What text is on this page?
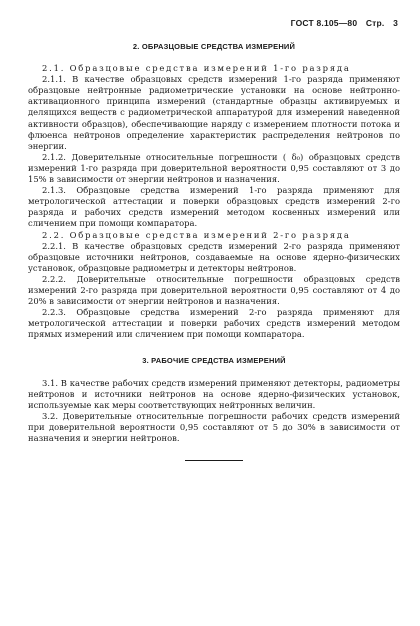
ГОСТ 8.105—80 Стр. 3
2. ОБРАЗЦОВЫЕ СРЕДСТВА ИЗМЕРЕНИЙ

2.1. Образцовые средства измерений 1-го разряда

2.1.1. В качестве образцовых средств измерений 1-го разряда применяют образцовые нейтронные радиометрические установки на основе нейтронно-активационного принципа измерений (стандартные образцы активируемых и делящихся веществ с радиометрической аппаратурой для измерений наведенной активности образцов), обеспечивающие наряду с измерением плотности потока и флюенса нейтронов определение характеристик распределения нейтронов по энергии.

2.1.2. Доверительные относительные погрешности ( δ₀) образцовых средств измерений 1-го разряда при доверительной вероятности 0,95 составляют от 3 до 15% в зависимости от энергии нейтронов и назначения.

2.1.3. Образцовые средства измерений 1-го разряда применяют для метрологической аттестации и поверки образцовых средств измерений 2-го разряда и рабочих средств измерений методом косвенных измерений или сличением при помощи компаратора.

2.2. Образцовые средства измерений 2-го разряда

2.2.1. В качестве образцовых средств измерений 2-го разряда применяют образцовые источники нейтронов, создаваемые на основе ядерно-физических установок, образцовые радиометры и детекторы нейтронов.

2.2.2. Доверительные относительные погрешности образцовых средств измерений 2-го разряда при доверительной вероятности 0,95 составляют от 4 до 20% в зависимости от энергии нейтронов и назначения.

2.2.3. Образцовые средства измерений 2-го разряда применяют для метрологической аттестации и поверки рабочих средств измерений методом прямых измерений или сличением при помощи компаратора.

3. РАБОЧИЕ СРЕДСТВА ИЗМЕРЕНИЙ

3.1. В качестве рабочих средств измерений применяют детекторы, радиометры нейтронов и источники нейтронов на основе ядерно-физических установок, используемые как меры соответствующих нейтронных величин.

3.2. Доверительные относительные погрешности рабочих средств измерений при доверительной вероятности 0,95 составляют от 5 до 30% в зависимости от назначения и энергии нейтронов.
